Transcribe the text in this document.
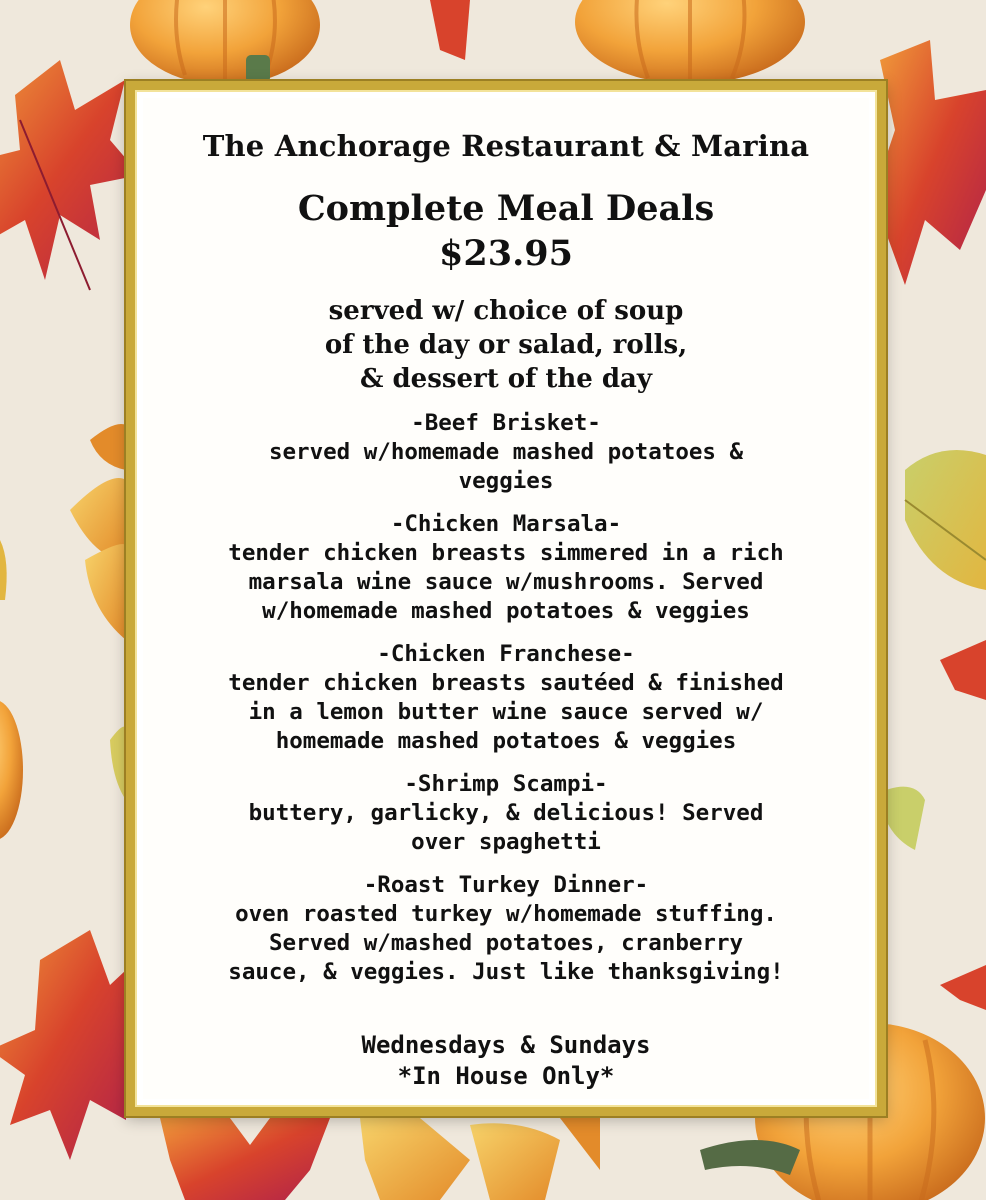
The Anchorage Restaurant & Marina
Complete Meal Deals
$23.95
served w/ choice of soup
of the day or salad, rolls,
& dessert of the day
-Beef Brisket-
served w/homemade mashed potatoes &
veggies
-Chicken Marsala-
tender chicken breasts simmered in a rich
marsala wine sauce w/mushrooms. Served
w/homemade mashed potatoes & veggies
-Chicken Franchese-
tender chicken breasts sautéed & finished
in a lemon butter wine sauce served w/
homemade mashed potatoes & veggies
-Shrimp Scampi-
buttery, garlicky, & delicious! Served
over spaghetti
-Roast Turkey Dinner-
oven roasted turkey w/homemade stuffing.
Served w/mashed potatoes, cranberry
sauce, & veggies. Just like thanksgiving!
Wednesdays & Sundays
*In House Only*
